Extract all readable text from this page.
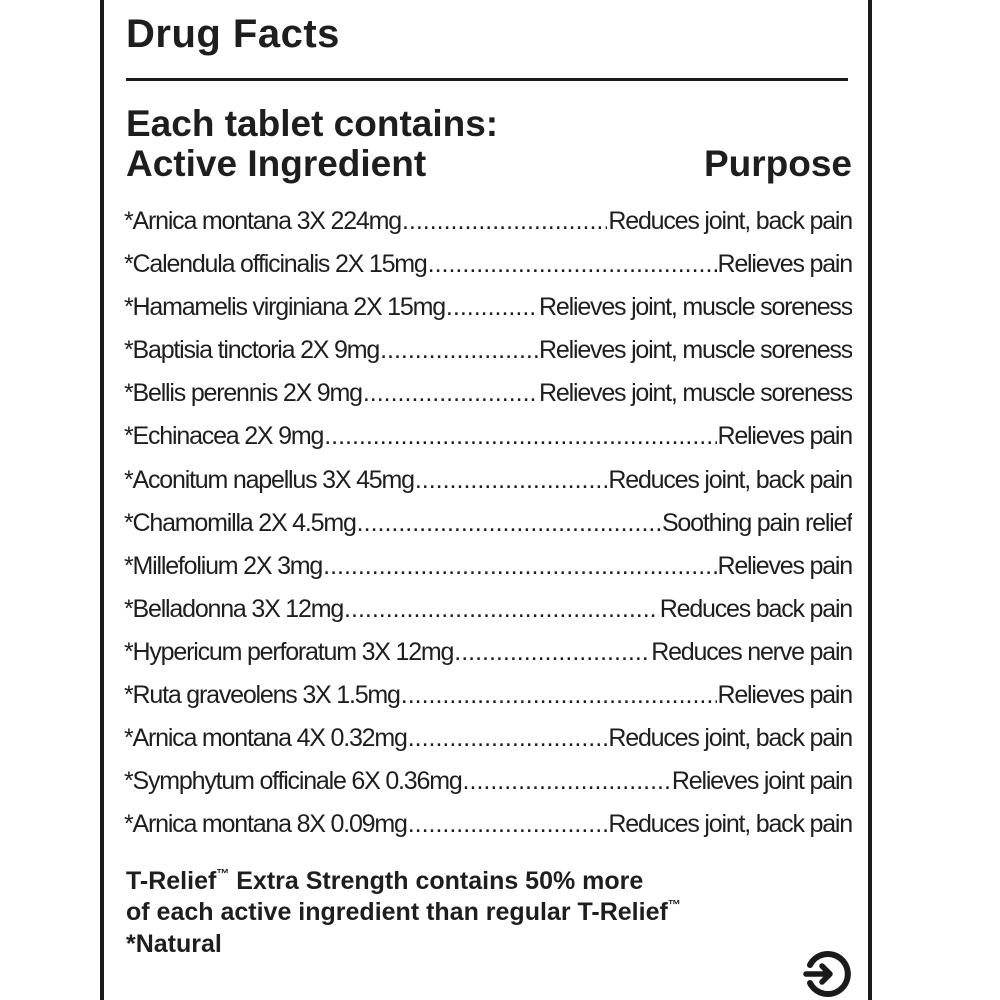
Drug Facts
Each tablet contains:
Active Ingredient	Purpose
*Arnica montana 3X 224mg .....	Reduces joint, back pain
*Calendula officinalis 2X 15mg .....	Relieves pain
*Hamamelis virginiana 2X 15mg .....	Relieves joint, muscle soreness
*Baptisia tinctoria 2X 9mg .....	Relieves joint, muscle soreness
*Bellis perennis 2X 9mg .....	Relieves joint, muscle soreness
*Echinacea 2X 9mg .....	Relieves pain
*Aconitum napellus 3X 45mg .....	Reduces joint, back pain
*Chamomilla 2X 4.5mg .....	Soothing pain relief
*Millefolium 2X 3mg .....	Relieves pain
*Belladonna 3X 12mg .....	Reduces back pain
*Hypericum perforatum 3X 12mg .....	Reduces nerve pain
*Ruta graveolens 3X 1.5mg .....	Relieves pain
*Arnica montana 4X 0.32mg .....	Reduces joint, back pain
*Symphytum officinale 6X 0.36mg .....	Relieves joint pain
*Arnica montana 8X 0.09mg .....	Reduces joint, back pain
T-Relief™ Extra Strength contains 50% more
of each active ingredient than regular T-Relief™
*Natural
